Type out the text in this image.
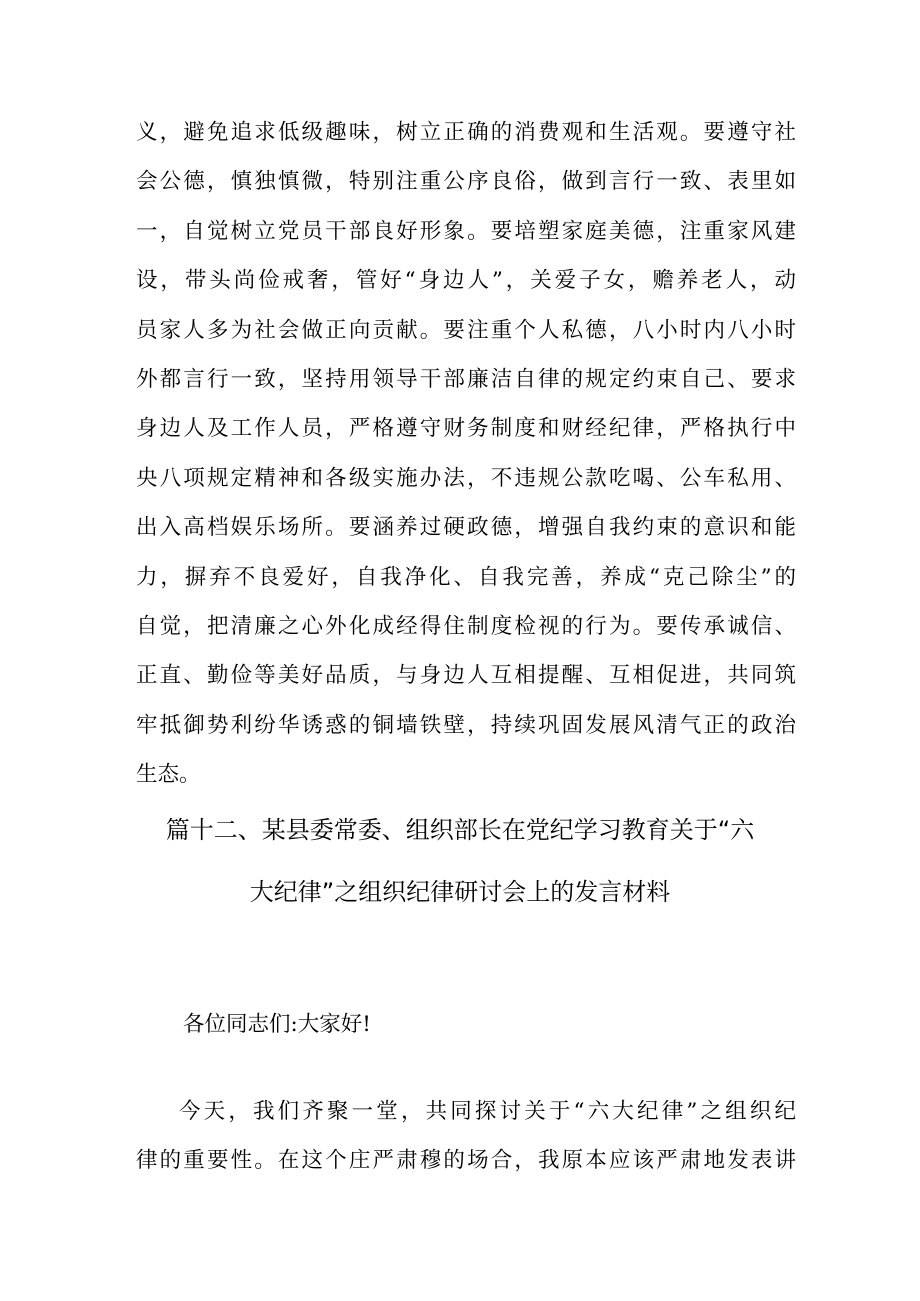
义，避免追求低级趣味，树立正确的消费观和生活观。要遵守社
会公德，慎独慎微，特别注重公序良俗，做到言行一致、表里如
一，自觉树立党员干部良好形象。要培塑家庭美德，注重家风建
设，带头尚俭戒奢，管好“身边人”，关爱子女，赡养老人，动
员家人多为社会做正向贡献。要注重个人私德，八小时内八小时
外都言行一致，坚持用领导干部廉洁自律的规定约束自己、要求
身边人及工作人员，严格遵守财务制度和财经纪律，严格执行中
央八项规定精神和各级实施办法，不违规公款吃喝、公车私用、
出入高档娱乐场所。要涵养过硬政德，增强自我约束的意识和能
力，摒弃不良爱好，自我净化、自我完善，养成“克己除尘”的
自觉，把清廉之心外化成经得住制度检视的行为。要传承诚信、
正直、勤俭等美好品质，与身边人互相提醒、互相促进，共同筑
牢抵御势利纷华诱惑的铜墙铁壁，持续巩固发展风清气正的政治
生态。
篇十二、某县委常委、组织部长在党纪学习教育关于“六
大纪律”之组织纪律研讨会上的发言材料

各位同志们:大家好!

今天，我们齐聚一堂，共同探讨关于“六大纪律”之组织纪
律的重要性。在这个庄严肃穆的场合，我原本应该严肃地发表讲
